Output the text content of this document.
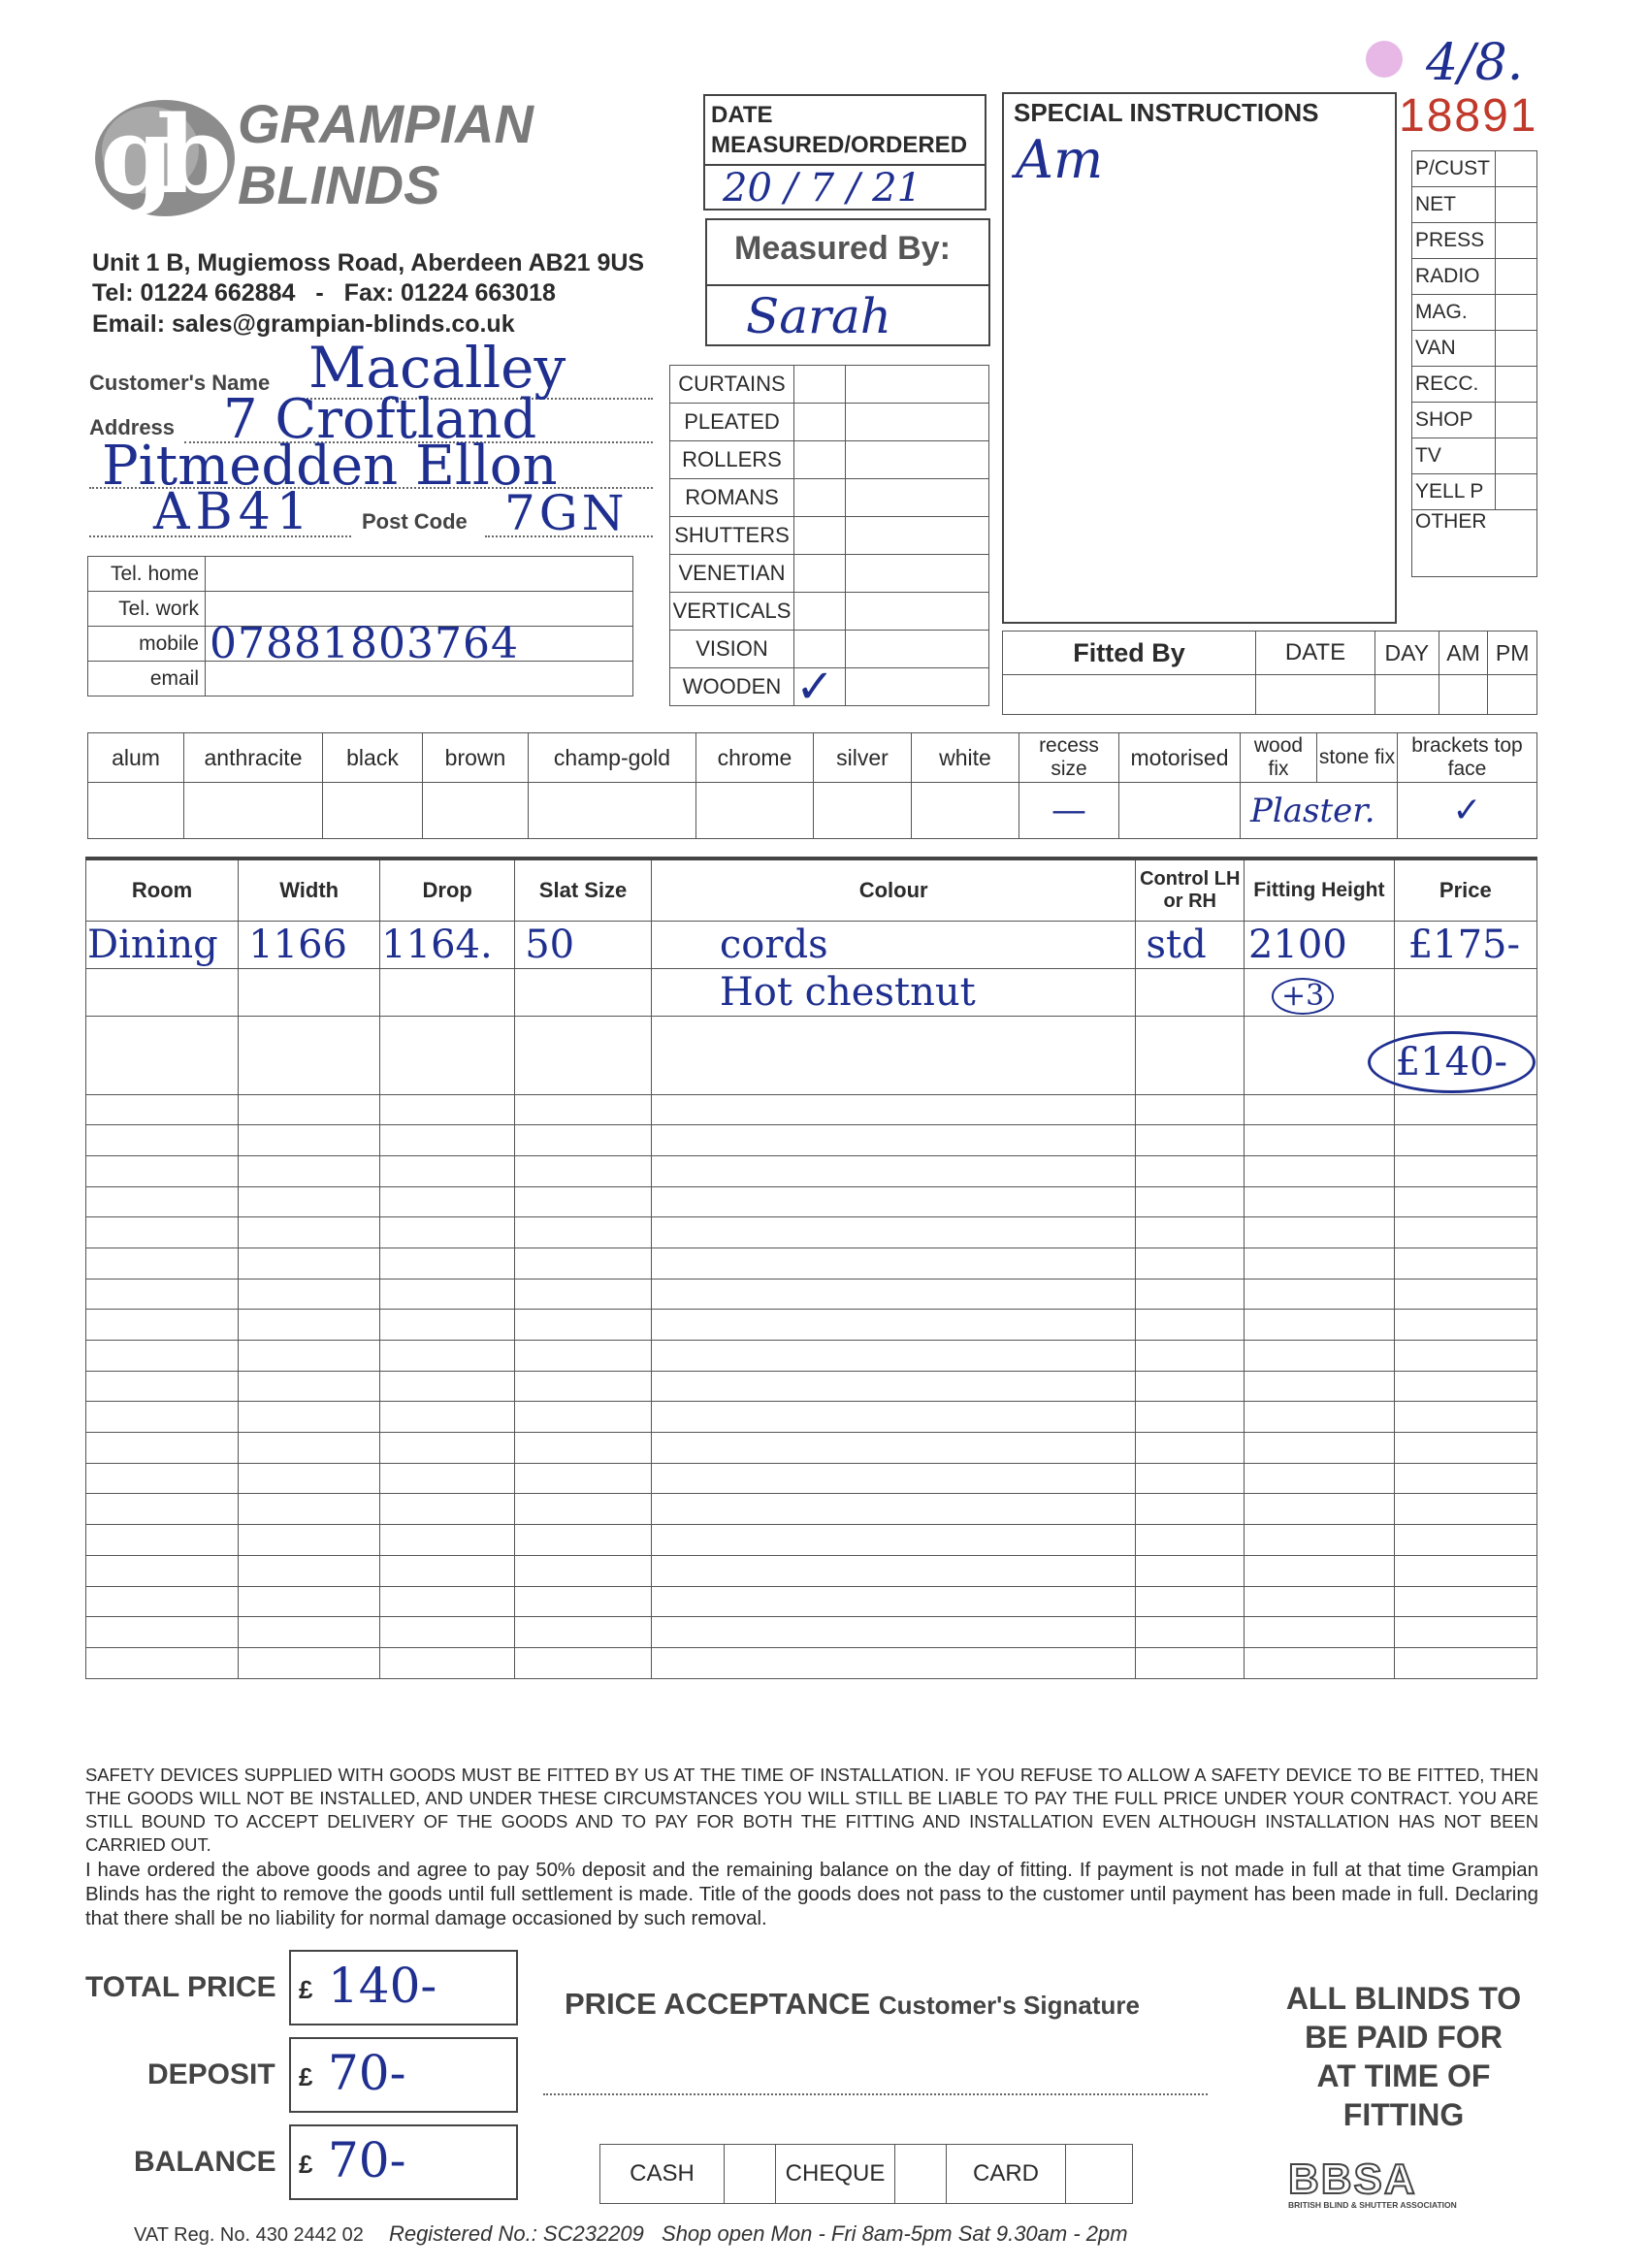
gb GRAMPIAN
BLINDS
Unit 1 B, Mugiemoss Road, Aberdeen AB21 9US
Tel: 01224 662884 - Fax: 01224 663018
Email: sales@grampian-blinds.co.uk
4/8.
18891
DATE
MEASURED/ORDERED
20 / 7 / 21
Measured By:
Sarah
SPECIAL INSTRUCTIONS
Am	P/CUST	
NET	
PRESS	
RADIO	
MAG.	
VAN	
RECC.	
SHOP	
TV	
YELL P	
OTHER	
Customer's Name Macalley
Address 7 Croftland
Pitmedden Ellon
AB41 Post Code 7GN
Tel. home	
Tel. work	
mobile	07881803764
email	
CURTAINS		
PLEATED		
ROLLERS		
ROMANS		
SHUTTERS		
VENETIAN		
VERTICALS		
VISION		
WOODEN	✓	
Fitted By	DATE	DAY	AM	PM

alum	anthracite	black	brown	champ-gold	chrome	silver	white	recess size	motorised	wood fix	stone fix	brackets top face
								—		Plaster.		✓
Room	Width	Drop	Slat Size	Colour	Control LH or RH	Fitting Height	Price
Dining	1166	1164.	50	cords	std	2100	£175-
				Hot chestnut		+3	
							£140-

SAFETY DEVICES SUPPLIED WITH GOODS MUST BE FITTED BY US AT THE TIME OF INSTALLATION. IF YOU REFUSE TO ALLOW A SAFETY DEVICE TO BE FITTED, THEN THE GOODS WILL NOT BE INSTALLED, AND UNDER THESE CIRCUMSTANCES YOU WILL STILL BE LIABLE TO PAY THE FULL PRICE UNDER YOUR CONTRACT. YOU ARE STILL BOUND TO ACCEPT DELIVERY OF THE GOODS AND TO PAY FOR BOTH THE FITTING AND INSTALLATION EVEN ALTHOUGH INSTALLATION HAS NOT BEEN CARRIED OUT.
I have ordered the above goods and agree to pay 50% deposit and the remaining balance on the day of fitting. If payment is not made in full at that time Grampian Blinds has the right to remove the goods until full settlement is made. Title of the goods does not pass to the customer until payment has been made in full. Declaring that there shall be no liability for normal damage occasioned by such removal.
TOTAL PRICE £ 140-
DEPOSIT £ 70-
BALANCE £ 70-
PRICE ACCEPTANCE Customer's Signature
CASH		CHEQUE		CARD	
ALL BLINDS TO
BE PAID FOR
AT TIME OF
FITTING
BBSA
BRITISH BLIND & SHUTTER ASSOCIATION
VAT Reg. No. 430 2442 02 Registered No.: SC232209 Shop open Mon - Fri 8am-5pm Sat 9.30am - 2pm
